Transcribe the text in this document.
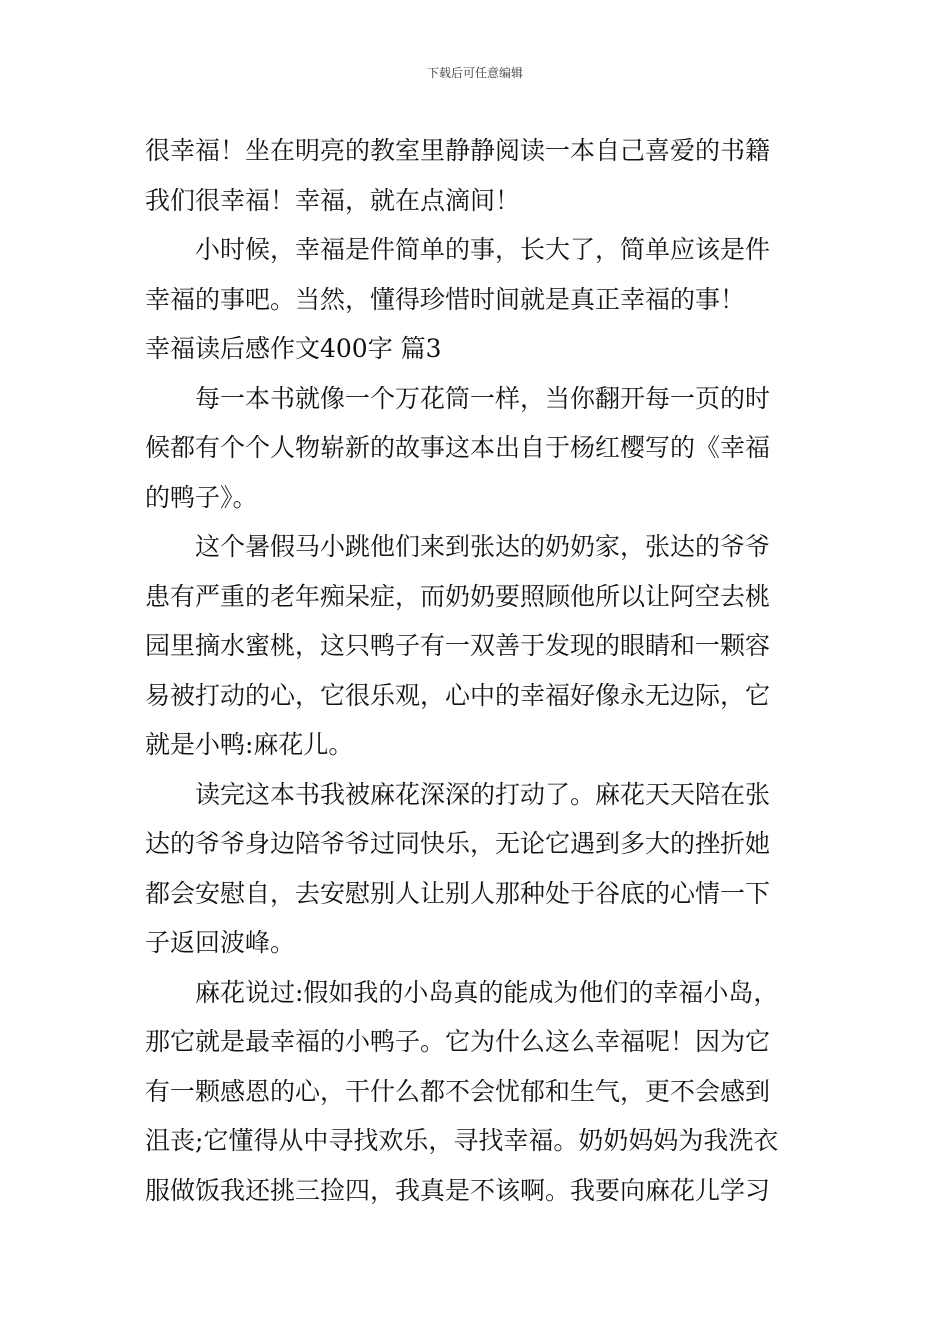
下载后可任意编辑
很幸福！坐在明亮的教室里静静阅读一本自己喜爱的书籍
我们很幸福！幸福，就在点滴间！
小时候，幸福是件简单的事，长大了，简单应该是件
幸福的事吧。当然，懂得珍惜时间就是真正幸福的事！
幸福读后感作文400字 篇3
每一本书就像一个万花筒一样，当你翻开每一页的时
候都有个个人物崭新的故事这本出自于杨红樱写的《幸福
的鸭子》。
这个暑假马小跳他们来到张达的奶奶家，张达的爷爷
患有严重的老年痴呆症，而奶奶要照顾他所以让阿空去桃
园里摘水蜜桃，这只鸭子有一双善于发现的眼睛和一颗容
易被打动的心，它很乐观，心中的幸福好像永无边际，它
就是小鸭:麻花儿。
读完这本书我被麻花深深的打动了。麻花天天陪在张
达的爷爷身边陪爷爷过同快乐，无论它遇到多大的挫折她
都会安慰自，去安慰别人让别人那种处于谷底的心情一下
子返回波峰。
麻花说过:假如我的小岛真的能成为他们的幸福小岛，
那它就是最幸福的小鸭子。它为什么这么幸福呢！因为它
有一颗感恩的心，干什么都不会忧郁和生气，更不会感到
沮丧;它懂得从中寻找欢乐，寻找幸福。奶奶妈妈为我洗衣
服做饭我还挑三捡四，我真是不该啊。我要向麻花儿学习
